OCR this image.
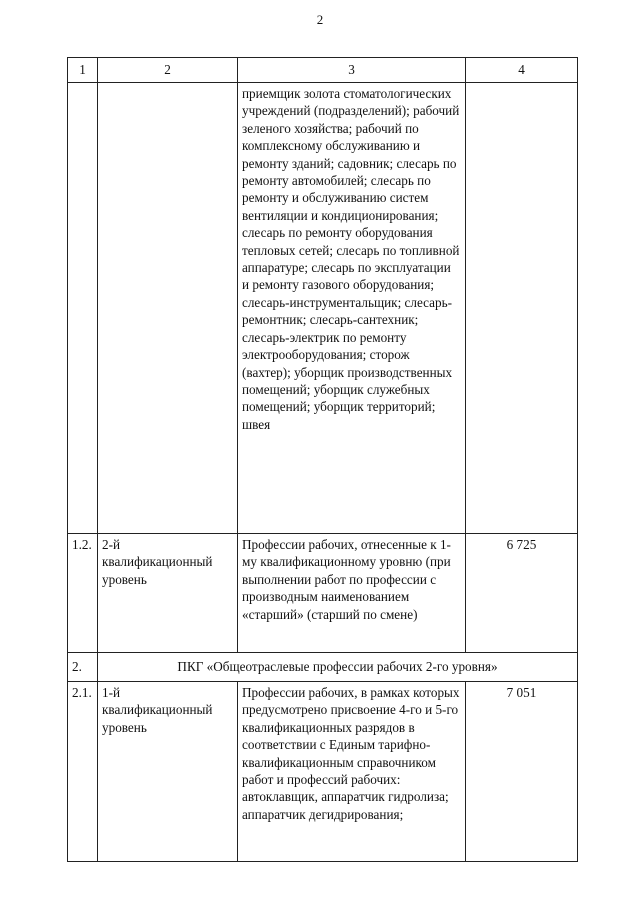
2
1	2	3	4
		приемщик золота стоматологических учреждений (подразделений); рабочий зеленого хозяйства; рабочий по комплексному обслуживанию и ремонту зданий; садовник; слесарь по ремонту автомобилей; слесарь по ремонту и обслуживанию систем вентиляции и кондиционирования; слесарь по ремонту оборудования тепловых сетей; слесарь по топливной аппаратуре; слесарь по эксплуатации и ремонту газового оборудования; слесарь-инструментальщик; слесарь-ремонтник; слесарь-сантехник; слесарь-электрик по ремонту электрооборудования; сторож (вахтер); уборщик производственных помещений; уборщик служебных помещений; уборщик территорий; швея	
1.2.	2-й квалификационный уровень	Профессии рабочих, отнесенные к 1-му квалификационному уровню (при выполнении работ по профессии с производным наименованием «старший» (старший по смене)	6 725
2.	ПКГ «Общеотраслевые профессии рабочих 2-го уровня»		
2.1.	1-й квалификационный уровень	Профессии рабочих, в рамках которых предусмотрено присвоение 4-го и 5-го квалификационных разрядов в соответствии с Единым тарифно-квалификационным справочником работ и профессий рабочих: автоклавщик, аппаратчик гидролиза; аппаратчик дегидрирования;	7 051
